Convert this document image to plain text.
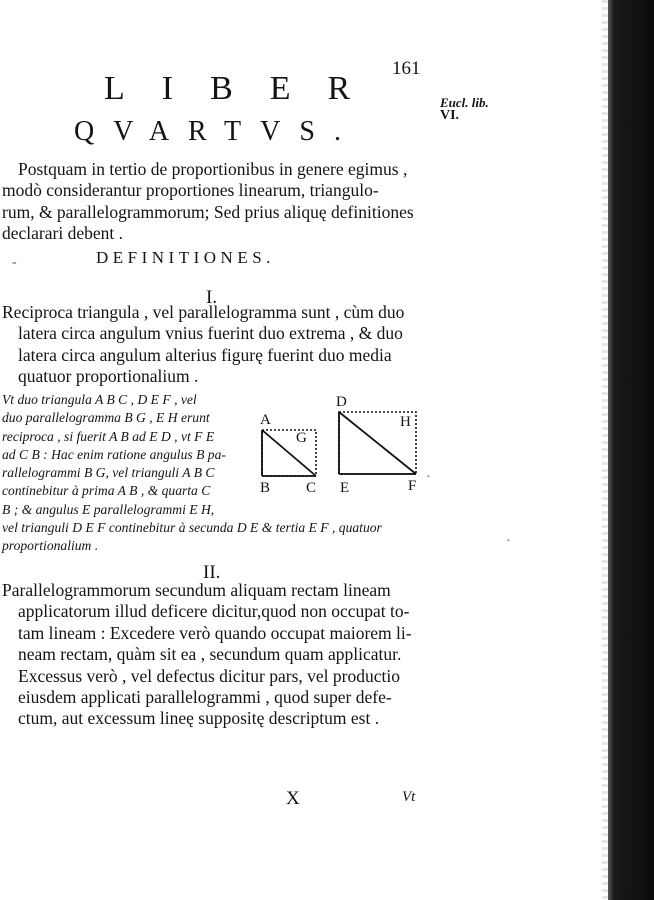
161
Eucl. lib.
VI.
LIBER
QVARTVS.
Postquam in tertio de proportionibus in genere egimus ,
modò considerantur proportiones linearum, triangulo-
rum, & parallelogrammorum; Sed prius aliquę definitiones
declarari debent .
DEFINITIONES.
I.
Reciproca triangula , vel parallelogramma sunt , cùm duo
latera circa angulum vnius fuerint duo extrema , & duo
latera circa angulum alterius figurę fuerint duo media
quatuor proportionalium .
Vt duo triangula A B C , D E F , vel
duo parallelogramma B G , E H erunt
reciproca , si fuerit A B ad E D , vt F E
ad C B : Hac enim ratione angulus B pa-
rallelogrammi B G, vel trianguli A B C
continebitur à prima A B , & quarta C
B ; & angulus E parallelogrammi E H,
vel trianguli D E F continebitur à secunda D E & tertia E F , quatuor
proportionalium .
A
G
B C
D
H
E	F
II.
Parallelogrammorum secundum aliquam rectam lineam
applicatorum illud deficere dicitur,quod non occupat to-
tam lineam : Excedere verò quando occupat maiorem li-
neam rectam, quàm sit ea , secundum quam applicatur.
Excessus verò , vel defectus dicitur pars, vel productio
eiusdem applicati parallelogrammi , quod super defe-
ctum, aut excessum lineę suppositę descriptum est .
X	Vt
·
·
-
